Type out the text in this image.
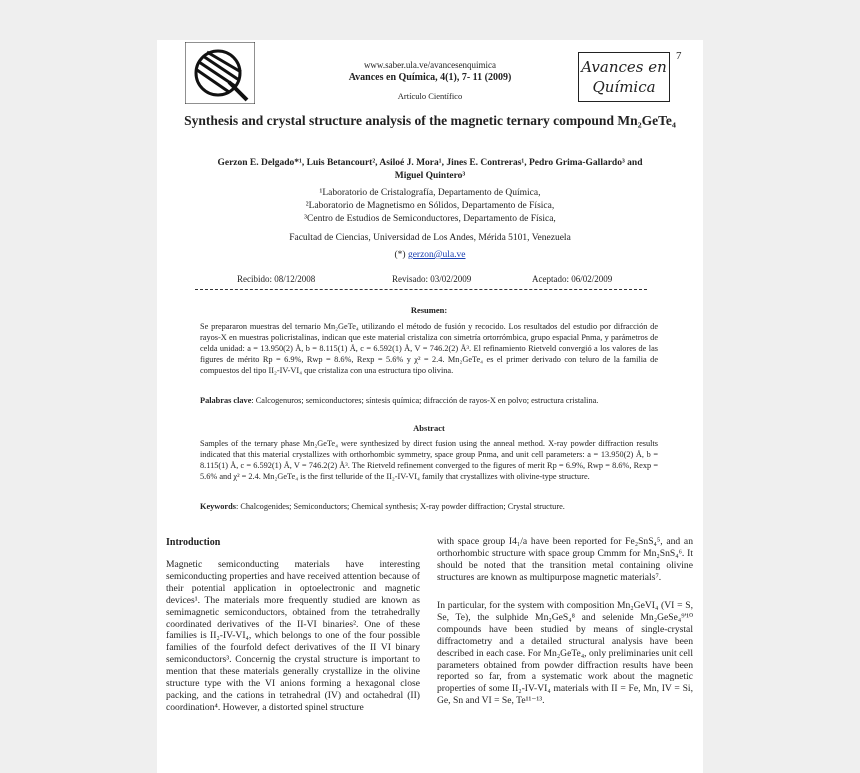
www.saber.ula.ve/avancesenquimica
Avances en Química, 4(1), 7- 11 (2009)
Artículo Científico
Avances en Química
7
Synthesis and crystal structure analysis of the magnetic ternary compound Mn₂GeTe₄
Gerzon E. Delgado*¹, Luis Betancourt², Asiloé J. Mora¹, Jines E. Contreras¹, Pedro Grima-Gallardo³ and Miguel Quintero³
¹Laboratorio de Cristalografía, Departamento de Química,
²Laboratorio de Magnetismo en Sólidos, Departamento de Física,
³Centro de Estudios de Semiconductores, Departamento de Física,
Facultad de Ciencias, Universidad de Los Andes, Mérida 5101, Venezuela
(*) gerzon@ula.ve
Recibido: 08/12/2008	Revisado: 03/02/2009	Aceptado: 06/02/2009
Resumen:
Se prepararon muestras del ternario Mn₂GeTe₄ utilizando el método de fusión y recocido. Los resultados del estudio por difracción de rayos-X en muestras policristalinas, indican que este material cristaliza con simetría ortorrómbica, grupo espacial Pnma, y parámetros de celda unidad: a = 13.950(2) Å, b = 8.115(1) Å, c = 6.592(1) Å, V = 746.2(2) Å³. El refinamiento Rietveld convergió a los valores de las figures de mérito Rp = 6.9%, Rwp = 8.6%, Rexp = 5.6% y χ² = 2.4. Mn₂GeTe₄ es el primer derivado con teluro de la familia de compuestos del tipo II₂-IV-VI₄ que cristaliza con una estructura tipo olivina.
Palabras clave: Calcogenuros; semiconductores; síntesis química; difracción de rayos-X en polvo; estructura cristalina.
Abstract
Samples of the ternary phase Mn₂GeTe₄ were synthesized by direct fusion using the anneal method. X-ray powder diffraction results indicated that this material crystallizes with orthorhombic symmetry, space group Pnma, and unit cell parameters: a = 13.950(2) Å, b = 8.115(1) Å, c = 6.592(1) Å, V = 746.2(2) Å³. The Rietveld refinement converged to the figures of merit Rp = 6.9%, Rwp = 8.6%, Rexp = 5.6% and χ² = 2.4. Mn₂GeTe₄ is the first telluride of the II₂-IV-VI₄ family that crystallizes with olivine-type structure.
Keywords: Chalcogenides; Semiconductors; Chemical synthesis; X-ray powder diffraction; Crystal structure.
Introduction
Magnetic semiconducting materials have interesting semiconducting properties and have received attention because of their potential application in optoelectronic and magnetic devices¹. The materials more frequently studied are known as semimagnetic semiconductors, obtained from the tetrahedrally coordinated derivatives of the II-VI binaries². One of these families is II₂-IV-VI₄, which belongs to one of the four possible families of the fourfold defect derivatives of the II VI binary semiconductors³. Concernig the crystal structure is important to mention that these materials generally crystallize in the olivine structure type with the VI anions forming a hexagonal close packing, and the cations in tetrahedral (IV) and octahedral (II) coordination⁴. However, a distorted spinel structure
with space group I4₁/a have been reported for Fe₂SnS₄⁵, and an orthorhombic structure with space group Cmmm for Mn₂SnS₄⁶. It should be noted that the transition metal containing olivine structures are known as multipurpose magnetic materials⁷.
In particular, for the system with composition Mn₂GeVI₄ (VI = S, Se, Te), the sulphide Mn₂GeS₄⁸ and selenide Mn₂GeSe₄⁹'¹⁰ compounds have been studied by means of single-crystal diffractometry and a detailed structural analysis have been described in each case. For Mn₂GeTe₄, only preliminaries unit cell parameters obtained from powder diffraction results have been reported so far, from a systematic work about the magnetic properties of some II₂-IV-VI₄ materials with II = Fe, Mn, IV = Si, Ge, Sn and VI = Se, Te¹¹⁻¹³.
